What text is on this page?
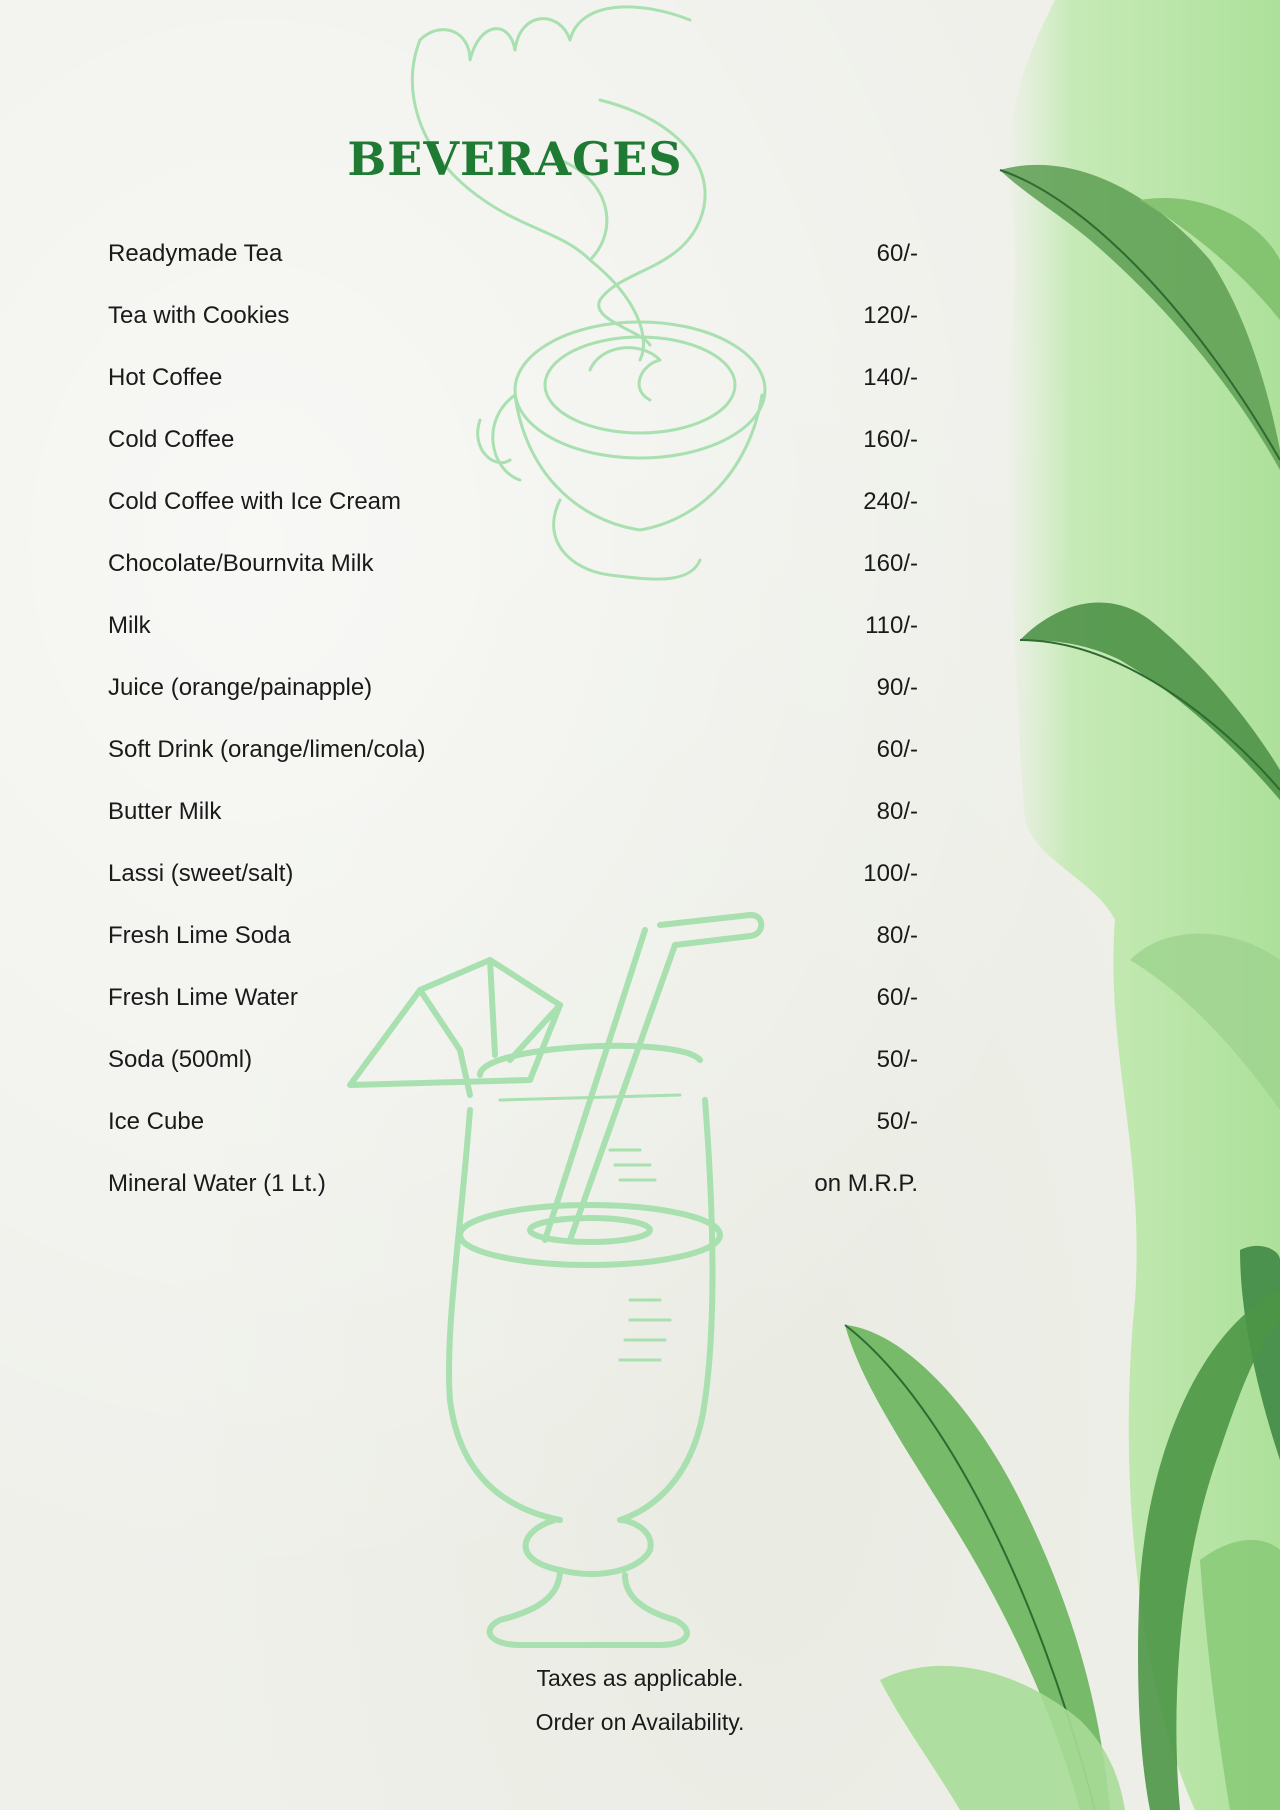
BEVERAGES
Readymade Tea	60/-
Tea with Cookies	120/-
Hot Coffee	140/-
Cold Coffee	160/-
Cold Coffee with Ice Cream	240/-
Chocolate/Bournvita Milk	160/-
Milk	110/-
Juice (orange/painapple)	90/-
Soft Drink (orange/limen/cola)	60/-
Butter Milk	80/-
Lassi (sweet/salt)	100/-
Fresh Lime Soda	80/-
Fresh Lime Water	60/-
Soda (500ml)	50/-
Ice Cube	50/-
Mineral Water (1 Lt.)	on M.R.P.
Taxes as applicable.
Order on Availability.
